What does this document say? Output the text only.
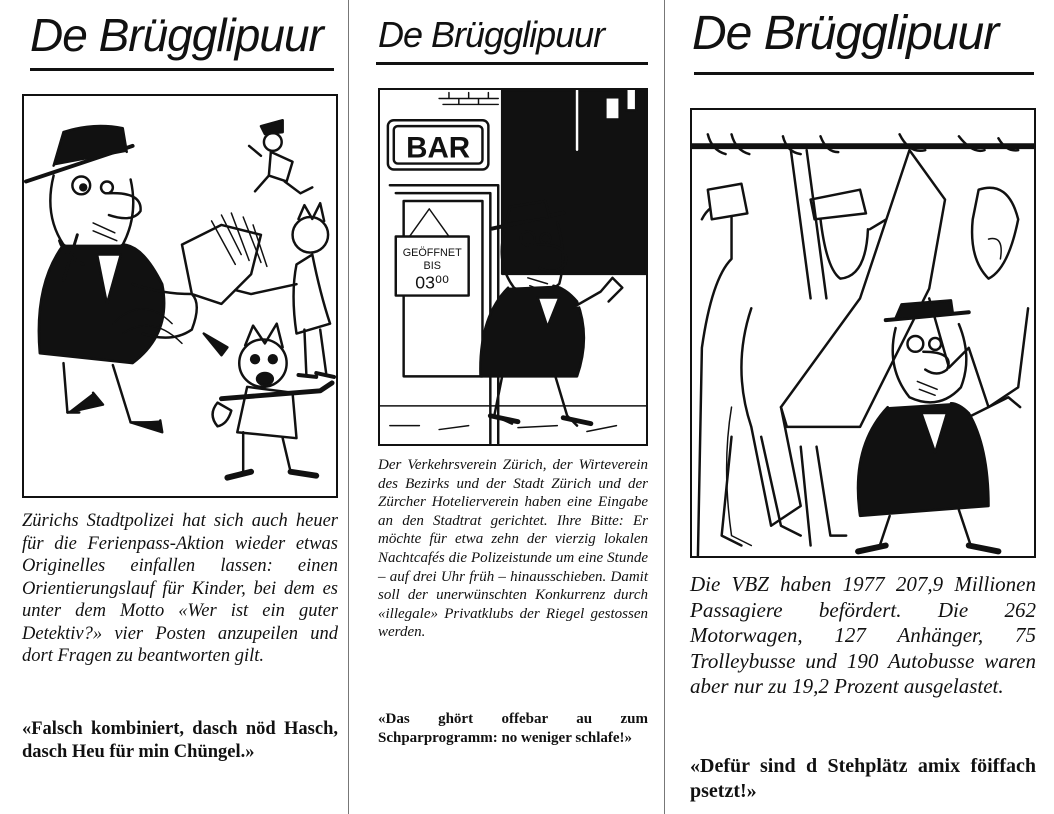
De Brügglipuur

Zürichs Stadtpolizei hat sich auch heuer für die Ferienpass-Aktion wieder etwas Originelles einfallen lassen: einen Orientierungslauf für Kinder, bei dem es unter dem Motto «Wer ist ein guter Detektiv?» vier Posten anzupeilen und dort Fragen zu beantworten gilt.

«Falsch kombiniert, dasch nöd Hasch, dasch Heu für min Chüngel.»

De Brügglipuur
BAR
GEÖFFNET
BIS
03⁰⁰

Der Verkehrsverein Zürich, der Wirteverein des Bezirks und der Stadt Zürich und der Zürcher Hotelierverein haben eine Eingabe an den Stadtrat gerichtet. Ihre Bitte: Er möchte für etwa zehn der vierzig lokalen Nachtcafés die Polizeistunde um eine Stunde – auf drei Uhr früh – hinausschieben. Damit soll der unerwünschten Konkurrenz durch «illegale» Privatklubs der Riegel gestossen werden.

«Das ghört offebar au zum Schparprogramm: no weniger schlafe!»

De Brügglipuur

Die VBZ haben 1977 207,9 Millionen Passagiere befördert. Die 262 Motorwagen, 127 Anhänger, 75 Trolleybusse und 190 Autobusse waren aber nur zu 19,2 Prozent ausgelastet.

«Defür sind d Stehplätz amix föiffach psetzt!»
